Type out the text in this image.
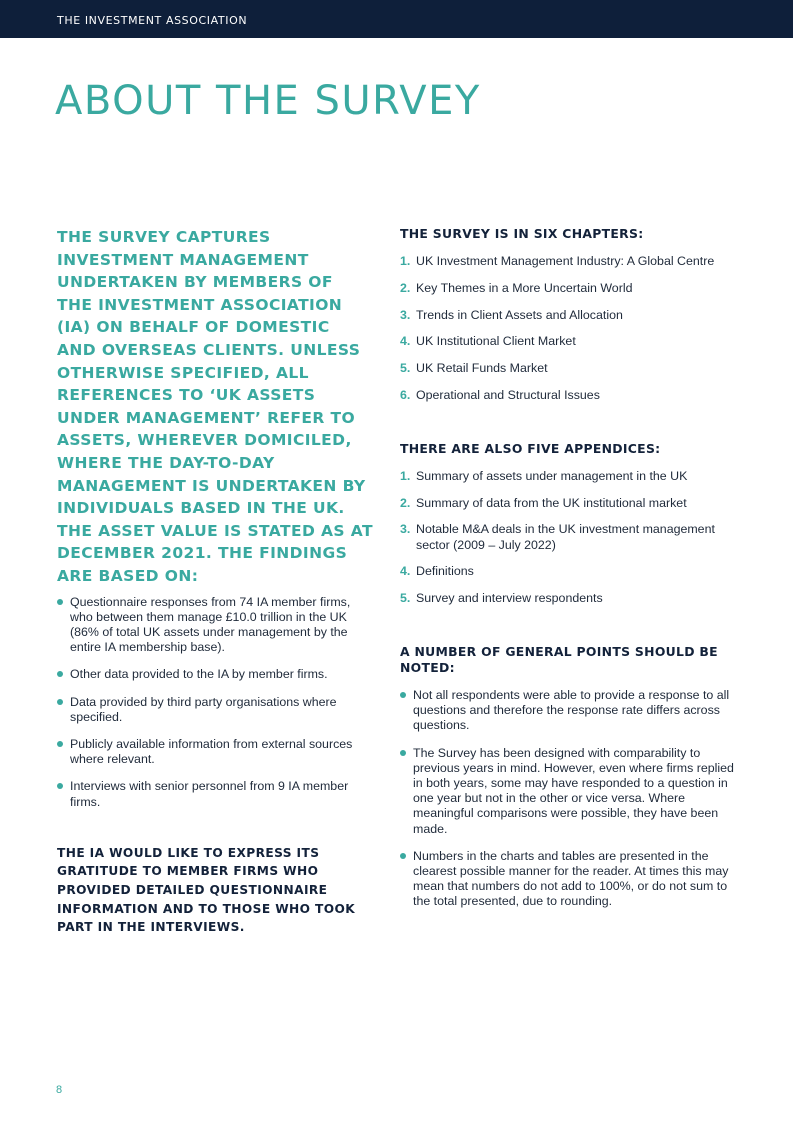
THE INVESTMENT ASSOCIATION
ABOUT THE SURVEY

THE SURVEY CAPTURES INVESTMENT MANAGEMENT UNDERTAKEN BY MEMBERS OF THE INVESTMENT ASSOCIATION (IA) ON BEHALF OF DOMESTIC AND OVERSEAS CLIENTS. UNLESS OTHERWISE SPECIFIED, ALL REFERENCES TO ‘UK ASSETS UNDER MANAGEMENT’ REFER TO ASSETS, WHEREVER DOMICILED, WHERE THE DAY-TO-DAY MANAGEMENT IS UNDERTAKEN BY INDIVIDUALS BASED IN THE UK. THE ASSET VALUE IS STATED AS AT DECEMBER 2021. THE FINDINGS ARE BASED ON:

Questionnaire responses from 74 IA member firms, who between them manage £10.0 trillion in the UK (86% of total UK assets under management by the entire IA membership base).
Other data provided to the IA by member firms.
Data provided by third party organisations where specified.
Publicly available information from external sources where relevant.
Interviews with senior personnel from 9 IA member firms.

THE IA WOULD LIKE TO EXPRESS ITS GRATITUDE TO MEMBER FIRMS WHO PROVIDED DETAILED QUESTIONNAIRE INFORMATION AND TO THOSE WHO TOOK PART IN THE INTERVIEWS.

THE SURVEY IS IN SIX CHAPTERS:
1. UK Investment Management Industry: A Global Centre
2. Key Themes in a More Uncertain World
3. Trends in Client Assets and Allocation
4. UK Institutional Client Market
5. UK Retail Funds Market
6. Operational and Structural Issues
THERE ARE ALSO FIVE APPENDICES:
1. Summary of assets under management in the UK
2. Summary of data from the UK institutional market
3. Notable M&A deals in the UK investment management sector (2009 – July 2022)
4. Definitions
5. Survey and interview respondents
A NUMBER OF GENERAL POINTS SHOULD BE NOTED:
Not all respondents were able to provide a response to all questions and therefore the response rate differs across questions.
The Survey has been designed with comparability to previous years in mind. However, even where firms replied in both years, some may have responded to a question in one year but not in the other or vice versa. Where meaningful comparisons were possible, they have been made.
Numbers in the charts and tables are presented in the clearest possible manner for the reader. At times this may mean that numbers do not add to 100%, or do not sum to the total presented, due to rounding.
8
